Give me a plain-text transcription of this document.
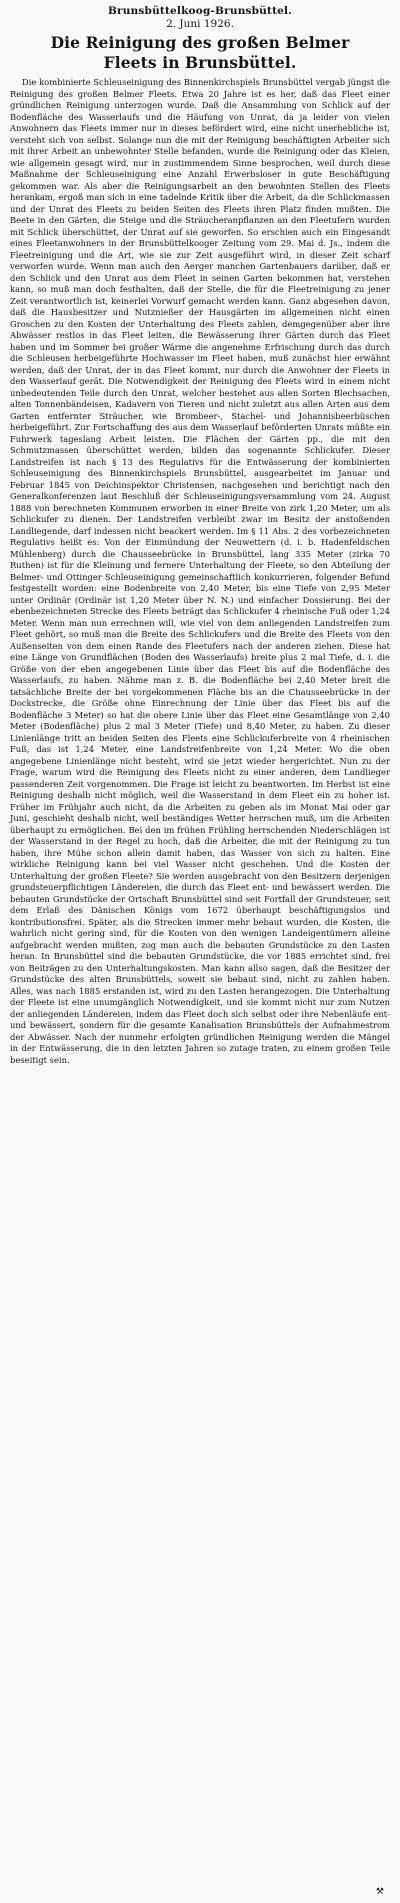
Brunsbüttelkoog-Brunsbüttel.

2. Juni 1926.

Die Reinigung des großen Belmer
Fleets in Brunsbüttel.

Die kombinierte Schleuseinigung des Binnenkirchspiels Brunsbüttel vergab jüngst die Reinigung des großen Belmer Fleets. Etwa 20 Jahre ist es her, daß das Fleet einer gründlichen Reinigung unterzogen wurde. Daß die Ansammlung von Schlick auf der Bodenfläche des Wasserlaufs und die Häufung von Unrat, da ja leider von vielen Anwohnern das Fleets immer nur in dieses befördert wird, eine nicht unerhebliche ist, versteht sich von selbst. Solange nun die mit der Reinigung beschäftigten Arbeiter sich mit ihrer Arbeit an unbewohnter Stelle befanden, wurde die Reinigung oder das Kleien, wie allgemein gesagt wird, nur in zustimmendem Sinne besprochen, weil durch diese Maßnahme der Schleuseinigung eine Anzahl Erwerbsloser in gute Beschäftigung gekommen war. Als aber die Reinigungsarbeit an den bewohnten Stellen des Fleets herankam, ergoß man sich in eine tadelnde Kritik über die Arbeit, da die Schlickmassen und der Unrat des Fleets zu beiden Seiten des Fleets ihren Platz finden mußten. Die Beete in den Gärten, die Steige und die Sträucheranpflanzen an den Fleetufern wurden mit Schlick überschüttet, der Unrat auf sie geworfen. So erschien auch ein Eingesandt eines Fleetanwohners in der Brunsbüttelkooger Zeitung vom 29. Mai d. Js., indem die Fleetreinigung und die Art, wie sie zur Zeit ausgeführt wird, in dieser Zeit scharf verworfen wurde. Wenn man auch den Aerger manchen Gartenbauers darüber, daß er den Schlick und den Unrat aus dem Fleet in seinen Garten bekommen hat, verstehen kann, so muß man doch festhalten, daß der Stelle, die für die Fleetreinigung zu jener Zeit verantwortlich ist, keinerlei Vorwurf gemacht werden kann. Ganz abgesehen davon, daß die Hausbesitzer und Nutznießer der Hausgärten im allgemeinen nicht einen Groschen zu den Kosten der Unterhaltung des Fleets zahlen, demgegenüber aber ihre Abwässer restlos in das Fleet leiten, die Bewässerung ihrer Gärten durch das Fleet haben und im Sommer bei großer Wärme die angenehme Erfrischung durch das durch die Schleusen herbeigeführte Hochwasser im Fleet haben, muß zunächst hier erwähnt werden, daß der Unrat, der in das Fleet kommt, nur durch die Anwohner der Fleets in den Wasserlauf gerät. Die Notwendigkeit der Reinigung des Fleets wird in einem nicht unbedeutenden Teile durch den Unrat, welcher bestehet aus allen Sorten Blechsachen, alten Tonnenbändeisen, Kadavern von Tieren und nicht zuletzt aus allen Arten aus dem Garten entfernter Sträucher, wie Brombeer-, Stachel- und Johannisbeerbüschen herbeigeführt. Zur Fortschaffung des aus dem Wasserlauf beförderten Unrats müßte ein Fuhrwerk tageslang Arbeit leisten. Die Flächen der Gärten pp., die mit den Schmutzmassen überschüttet werden, bilden das sogenannte Schlickufer. Dieser Landstreifen ist nach § 13 des Regulativs für die Entwässerung der kombinierten Schleuseinigung des Binnenkirchspiels Brunsbüttel, ausgearbeitet im Januar und Februar 1845 von Deichinspektor Christensen, nachgesehen und berichtigt nach den Generalkonferenzen laut Beschluß der Schleuseinigungsversammlung vom 24. August 1888 von berechneten Kommunen erworben in einer Breite von zirk 1,20 Meter, um als Schlickufer zu dienen. Der Landstreifen verbleibt zwar im Besitz der anstoßenden Landliegende, darf indessen nicht beackert werden. Im § 11 Abs. 2 des vorbezeichneten Regulativs heißt es: Von der Einmündung der Neuwettern (d. i. b. Hadenfeldschen Mühlenberg) durch die Chausseebrücke in Brunsbüttel, lang 335 Meter (zirka 70 Ruthen) ist für die Kleinung und fernere Unterhaltung der Fleete, so den Abteilung der Belmer- und Ottinger Schleuseinigung gemeinschaftlich konkurrieren, folgender Befund festgestellt worden: eine Bodenbreite von 2,40 Meter, bis eine Tiefe von 2,95 Meter unter Ordinär (Ordinär ist 1,20 Meter über N. N.) und einfacher Dossierung. Bei der ebenbezeichneten Strecke des Fleets beträgt das Schlickufer 4 rheinische Fuß oder 1,24 Meter. Wenn man nun errechnen will, wie viel von dem anliegenden Landstreifen zum Fleet gehört, so muß man die Breite des Schlickufers und die Breite des Fleets von den Außenseiten von dem einen Rande des Fleetufers nach der anderen ziehen. Diese hat eine Länge von Grundflächen (Boden des Wasserlaufs) breite plus 2 mal Tiefe, d. i. die Größe von der eben angegebenen Linie über das Fleet bis auf die Bodenfläche des Wasserlaufs, zu haben. Nähme man z. B. die Bodenfläche bei 2,40 Meter breit die tatsächliche Breite der bei vorgekommenen Fläche bis an die Chausseebrücke in der Dockstrecke, die Größe ohne Einrechnung der Linie über das Fleet bis auf die Bodenfläche 3 Meter) so hat die obere Linie über das Fleet eine Gesamtlänge von 2,40 Meter (Bodenfläche) plus 2 mal 3 Meter (Tiefe) und 8,40 Meter, zu haben. Zu dieser Linienlänge tritt an beiden Seiten des Fleets eine Schlickuferbreite von 4 rheinischen Fuß, das ist 1,24 Meter, eine Landstreifenbreite von 1,24 Meter. Wo die oben angegebene Linienlänge nicht besteht, wird sie jetzt wieder hergerichtet. Nun zu der Frage, warum wird die Reinigung des Fleets nicht zu einer anderen, dem Landlieger passenderen Zeit vorgenommen. Die Frage ist leicht zu beantworten. Im Herbst ist eine Reinigung deshalb nicht möglich, weil die Wasserstand in dem Fleet ein zu hoher ist. Früher im Frühjahr auch nicht, da die Arbeiten zu geben als im Monat Mai oder gar Juni, geschieht deshalb nicht, weil beständiges Wetter herrschen muß, um die Arbeiten überhaupt zu ermöglichen. Bei den im frühen Frühling herrschenden Niederschlägen ist der Wasserstand in der Regel zu hoch, daß die Arbeiter, die mit der Reinigung zu tun haben, ihre Mühe schon allein damit haben, das Wasser von sich zu halten. Eine wirkliche Reinigung kann bei viel Wasser nicht geschehen. Und die Kosten der Unterhaltung der großen Fleete? Sie werden ausgebracht von den Besitzern derjenigen grundsteuerpflichtigen Ländereien, die durch das Fleet ent- und bewässert werden. Die bebauten Grundstücke der Ortschaft Brunsbüttel sind seit Fortfall der Grundsteuer, seit dem Erlaß des Dänischen Königs vom 1672 überhaupt beschäftigungslos und kontributionsfrei. Später, als die Strecken immer mehr bebaut wurden, die Kosten, die wahrlich nicht gering sind, für die Kosten von den wenigen Landeigentümern alleine aufgebracht werden mußten, zog man auch die bebauten Grundstücke zu den Lasten heran. In Brunsbüttel sind die bebauten Grundstücke, die vor 1885 errichtet sind, frei von Beiträgen zu den Unterhaltungskosten. Man kann allso sagen, daß die Besitzer der Grundstücke des alten Brunsbüttels, soweit sie bebaut sind, nicht zu zahlen haben. Alles, was nach 1885 erstanden ist, wird zu den Lasten herangezogen. Die Unterhaltung der Fleete ist eine unumgänglich Notwendigkeit, und sie kommt nicht nur zum Nutzen der anliegenden Ländereien, indem das Fleet doch sich selbst oder ihre Nebenläufe ent- und bewässert, sondern für die gesamte Kanalisation Brunsbüttels der Aufnahmestrom der Abwässer. Nach der nunmehr erfolgten gründlichen Reinigung werden die Mängel in der Entwässerung, die in den letzten Jahren so zutage traten, zu einem großen Teile beseitigt sein.

⚒
